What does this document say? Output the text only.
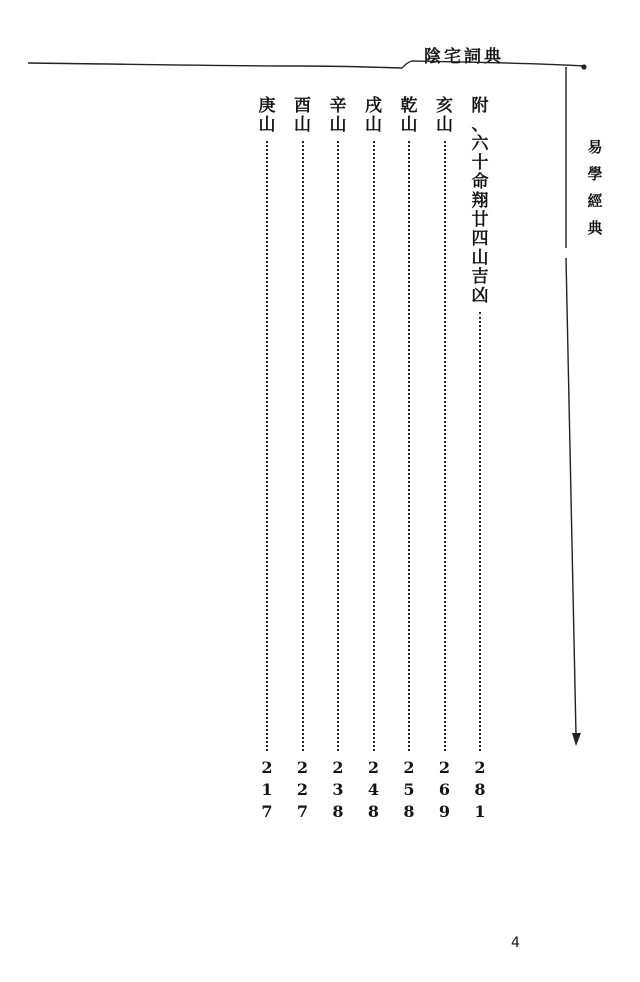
陰宅詞典
易
學
經
典
附
、
六
十
命
翔
廿
四
山
吉
凶
2
8
1
亥
山
2
6
9
乾
山
2
5
8
戌
山
2
4
8
辛
山
2
3
8
酉
山
2
2
7
庚
山
2
1
7
4
